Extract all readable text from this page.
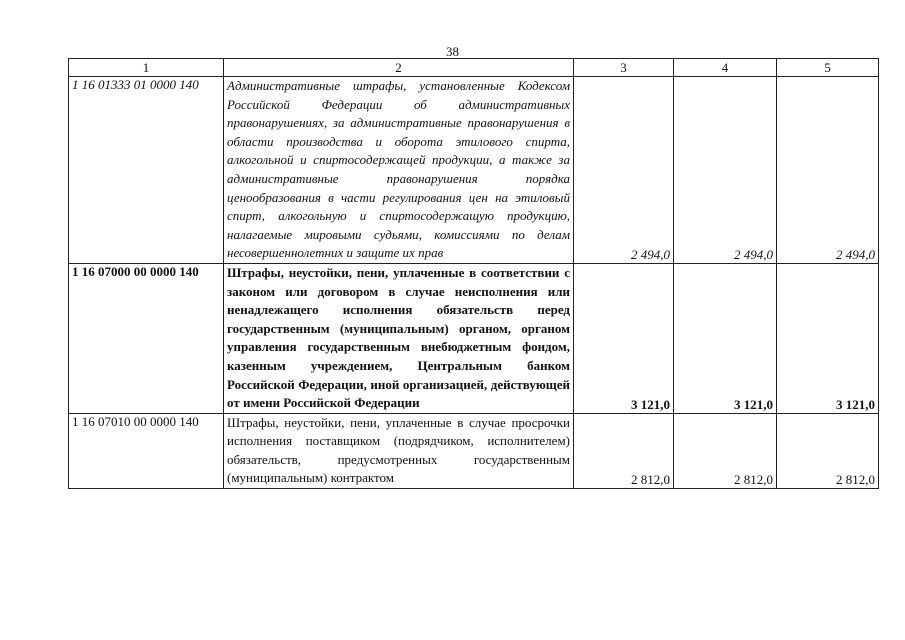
38
1	2	3	4	5
1 16 01333 01 0000 140	Административные штрафы, установленные Кодексом Российской Федерации об административных правонарушениях, за административные правонарушения в области производства и оборота этилового спирта, алкогольной и спиртосодержащей продукции, а также за административные правонарушения порядка ценообразования в части регулирования цен на этиловый спирт, алкогольную и спиртосодержащую продукцию, налагаемые мировыми судьями, комиссиями по делам несовершеннолетних и защите их прав	2 494,0	2 494,0	2 494,0
1 16 07000 00 0000 140	Штрафы, неустойки, пени, уплаченные в соответствии с законом или договором в случае неисполнения или ненадлежащего исполнения обязательств перед государственным (муниципальным) органом, органом управления государственным внебюджетным фондом, казенным учреждением, Центральным банком Российской Федерации, иной организацией, действующей от имени Российской Федерации	3 121,0	3 121,0	3 121,0
1 16 07010 00 0000 140	Штрафы, неустойки, пени, уплаченные в случае просрочки исполнения поставщиком (подрядчиком, исполнителем) обязательств, предусмотренных государственным (муниципальным) контрактом	2 812,0	2 812,0	2 812,0
